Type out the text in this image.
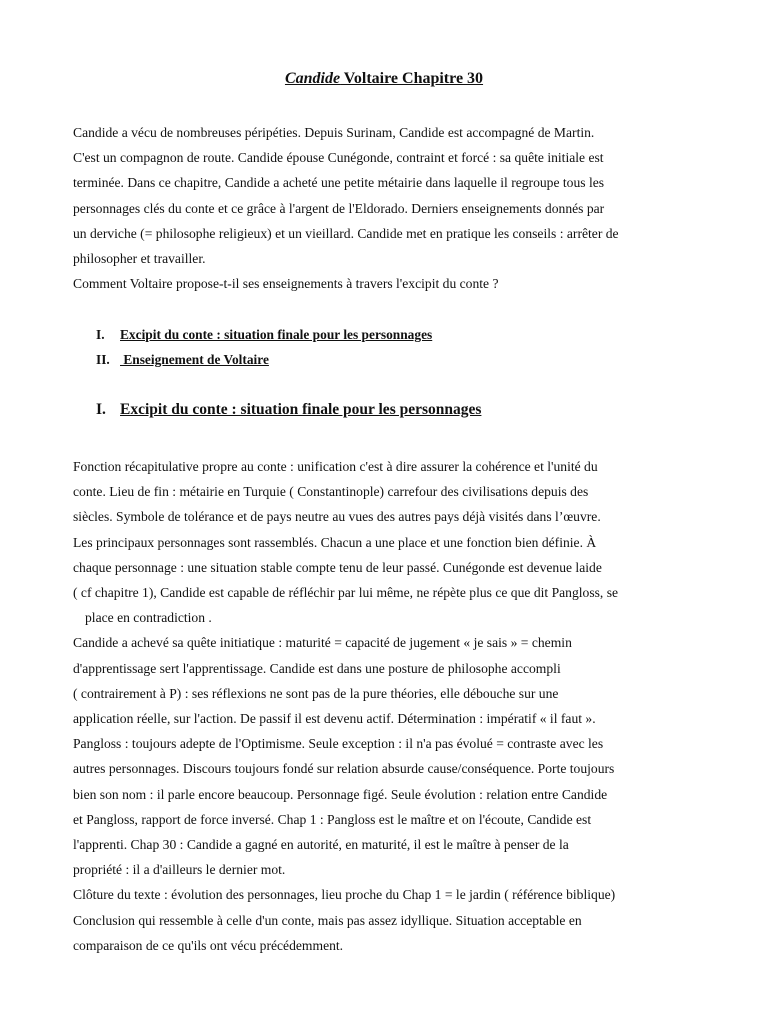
Candide Voltaire Chapitre 30

Candide a vécu de nombreuses péripéties. Depuis Surinam, Candide est accompagné de Martin.

C'est un compagnon de route. Candide épouse Cunégonde, contraint et forcé : sa quête initiale est

terminée. Dans ce chapitre, Candide a acheté une petite métairie dans laquelle il regroupe tous les

personnages clés du conte et ce grâce à l'argent de l'Eldorado. Derniers enseignements donnés par

un derviche (= philosophe religieux) et un vieillard. Candide met en pratique les conseils : arrêter de

philosopher et travailler.

Comment Voltaire propose-t-il ses enseignements à travers l'excipit du conte ?

I.	Excipit du conte : situation finale pour les personnages
II. Enseignement de Voltaire
I. Excipit du conte : situation finale pour les personnages

Fonction récapitulative propre au conte : unification c'est à dire assurer la cohérence et l'unité du

conte. Lieu de fin : métairie en Turquie ( Constantinople) carrefour des civilisations depuis des

siècles. Symbole de tolérance et de pays neutre au vues des autres pays déjà visités dans l’œuvre.

Les principaux personnages sont rassemblés. Chacun a une place et une fonction bien définie. À

chaque personnage : une situation stable compte tenu de leur passé. Cunégonde est devenue laide

( cf chapitre 1), Candide est capable de réfléchir par lui même, ne répète plus ce que dit Pangloss, se

place en contradiction .

Candide a achevé sa quête initiatique : maturité = capacité de jugement « je sais » = chemin

d'apprentissage sert l'apprentissage. Candide est dans une posture de philosophe accompli

( contrairement à P) : ses réflexions ne sont pas de la pure théories, elle débouche sur une

application réelle, sur l'action. De passif il est devenu actif. Détermination : impératif « il faut ».

Pangloss : toujours adepte de l'Optimisme. Seule exception : il n'a pas évolué = contraste avec les

autres personnages. Discours toujours fondé sur relation absurde cause/conséquence. Porte toujours

bien son nom : il parle encore beaucoup. Personnage figé. Seule évolution : relation entre Candide

et Pangloss, rapport de force inversé. Chap 1 : Pangloss est le maître et on l'écoute, Candide est

l'apprenti. Chap 30 : Candide a gagné en autorité, en maturité, il est le maître à penser de la

propriété : il a d'ailleurs le dernier mot.

Clôture du texte : évolution des personnages, lieu proche du Chap 1 = le jardin ( référence biblique)

Conclusion qui ressemble à celle d'un conte, mais pas assez idyllique. Situation acceptable en

comparaison de ce qu'ils ont vécu précédemment.
